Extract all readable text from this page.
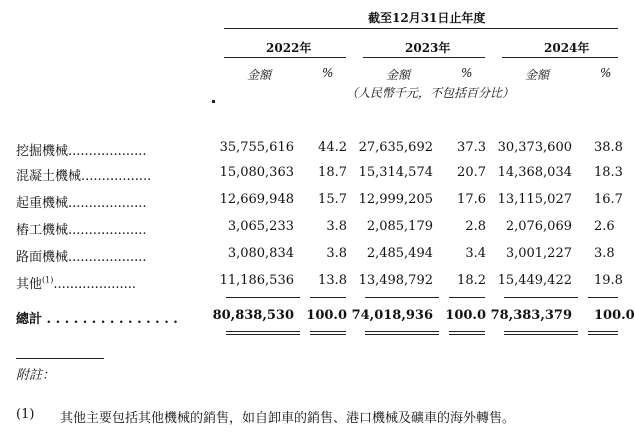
截至12月31日止年度
2022年	2023年	2024年
金額	%	金額	%	金額	%
（人民幣千元，不包括百分比）
挖掘機械...................	35,755,616 44.2 27,635,692 37.3 30,373,600 38.8
混凝土機械.................	15,080,363 18.7 15,314,574 20.7 14,368,034 18.3
起重機械...................	12,669,948 15.7 12,999,205 17.6 13,115,027 16.7
樁工機械...................	3,065,233 3.8 2,085,179 2.8 2,076,069 2.6
路面機械...................	3,080,834 3.8 2,485,494 3.4 3,001,227 3.8
其他$^{(1)}$....................	11,186,536 13.8 13,498,792 18.2 15,449,422 19.8
總計 . . . . . . . . . . . . . . .	80,838,530 100.0 74,018,936 100.0 78,383,379 100.0
附註：
(1) 其他主要包括其他機械的銷售，如自卸車的銷售、港口機械及礦車的海外轉售。
